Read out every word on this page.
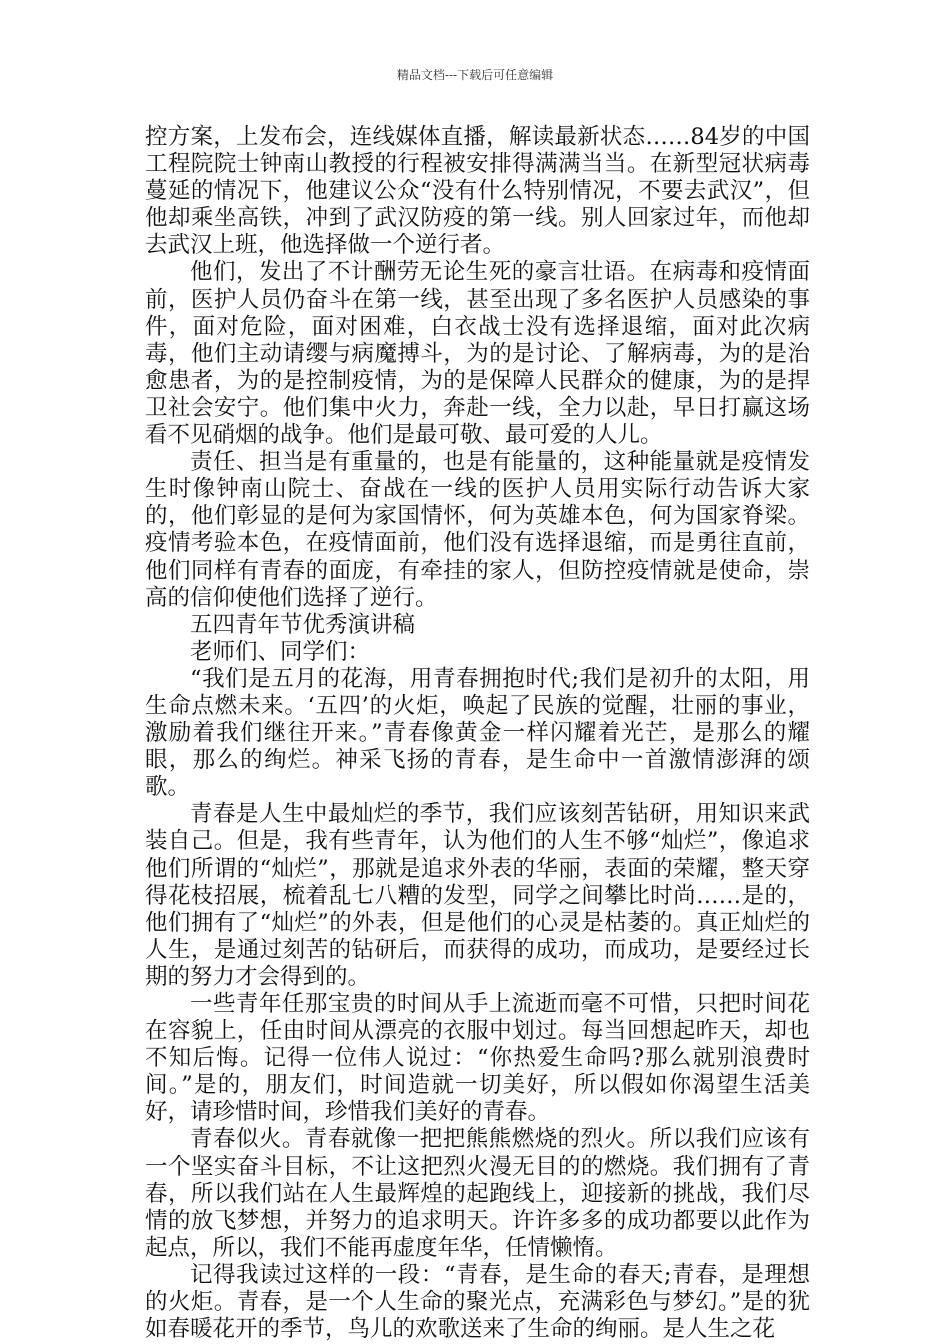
精品文档---下载后可任意编辑

控方案，上发布会，连线媒体直播，解读最新状态……84岁的中国工程院院士钟南山教授的行程被安排得满满当当。在新型冠状病毒蔓延的情况下，他建议公众“没有什么特别情况，不要去武汉”，但他却乘坐高铁，冲到了武汉防疫的第一线。别人回家过年，而他却去武汉上班，他选择做一个逆行者。

他们，发出了不计酬劳无论生死的豪言壮语。在病毒和疫情面前，医护人员仍奋斗在第一线，甚至出现了多名医护人员感染的事件，面对危险，面对困难，白衣战士没有选择退缩，面对此次病毒，他们主动请缨与病魔搏斗，为的是讨论、了解病毒，为的是治愈患者，为的是控制疫情，为的是保障人民群众的健康，为的是捍卫社会安宁。他们集中火力，奔赴一线，全力以赴，早日打赢这场看不见硝烟的战争。他们是最可敬、最可爱的人儿。

责任、担当是有重量的，也是有能量的，这种能量就是疫情发生时像钟南山院士、奋战在一线的医护人员用实际行动告诉大家的，他们彰显的是何为家国情怀，何为英雄本色，何为国家脊梁。疫情考验本色，在疫情面前，他们没有选择退缩，而是勇往直前，他们同样有青春的面庞，有牵挂的家人，但防控疫情就是使命，崇高的信仰使他们选择了逆行。

五四青年节优秀演讲稿

老师们、同学们：

“我们是五月的花海，用青春拥抱时代;我们是初升的太阳，用生命点燃未来。‘五四’的火炬，唤起了民族的觉醒，壮丽的事业，激励着我们继往开来。”青春像黄金一样闪耀着光芒，是那么的耀眼，那么的绚烂。神采飞扬的青春，是生命中一首激情澎湃的颂歌。

青春是人生中最灿烂的季节，我们应该刻苦钻研，用知识来武装自己。但是，我有些青年，认为他们的人生不够“灿烂”，像追求他们所谓的“灿烂”，那就是追求外表的华丽，表面的荣耀，整天穿得花枝招展，梳着乱七八糟的发型，同学之间攀比时尚……是的，他们拥有了“灿烂”的外表，但是他们的心灵是枯萎的。真正灿烂的人生，是通过刻苦的钻研后，而获得的成功，而成功，是要经过长期的努力才会得到的。

一些青年任那宝贵的时间从手上流逝而毫不可惜，只把时间花在容貌上，任由时间从漂亮的衣服中划过。每当回想起昨天，却也不知后悔。记得一位伟人说过：“你热爱生命吗?那么就别浪费时间。”是的，朋友们，时间造就一切美好，所以假如你渴望生活美好，请珍惜时间，珍惜我们美好的青春。

青春似火。青春就像一把把熊熊燃烧的烈火。所以我们应该有一个坚实奋斗目标，不让这把烈火漫无目的的燃烧。我们拥有了青春，所以我们站在人生最辉煌的起跑线上，迎接新的挑战，我们尽情的放飞梦想，并努力的追求明天。许许多多的成功都要以此作为起点，所以，我们不能再虚度年华，任情懒惰。

记得我读过这样的一段：“青春，是生命的春天;青春，是理想的火炬。青春，是一个人生命的聚光点，充满彩色与梦幻。”是的犹如春暖花开的季节，鸟儿的欢歌送来了生命的绚丽。是人生之花
